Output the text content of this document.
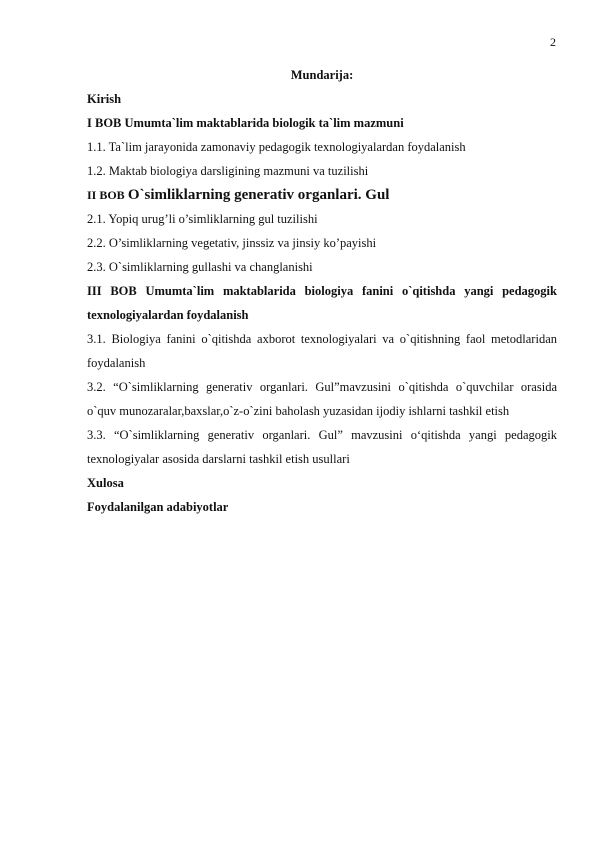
2
Mundarija:
Kirish
I BOB Umumta`lim maktablarida biologik ta`lim mazmuni
1.1. Ta`lim jarayonida zamonaviy pedagogik texnologiyalardan foydalanish
1.2. Maktab biologiya darsligining mazmuni va tuzilishi
II BOB O`simliklarning generativ organlari. Gul
2.1. Yopiq urug’li o’simliklarning gul tuzilishi
2.2. O’simliklarning vegetativ, jinssiz va jinsiy ko’payishi
2.3. O`simliklarning gullashi va changlanishi

III BOB Umumta`lim maktablarida biologiya fanini o`qitishda yangi pedagogik texnologiyalardan foydalanish

3.1. Biologiya fanini o`qitishda axborot texnologiyalari va o`qitishning faol metodlaridan foydalanish

3.2. “O`simliklarning generativ organlari. Gul”mavzusini o`qitishda o`quvchilar orasida o`quv munozaralar,baxslar,o`z-o`zini baholash yuzasidan ijodiy ishlarni tashkil etish

3.3. “O`simliklarning generativ organlari. Gul” mavzusini o‘qitishda yangi pedagogik texnologiyalar asosida darslarni tashkil etish usullari

Xulosa
Foydalanilgan adabiyotlar
